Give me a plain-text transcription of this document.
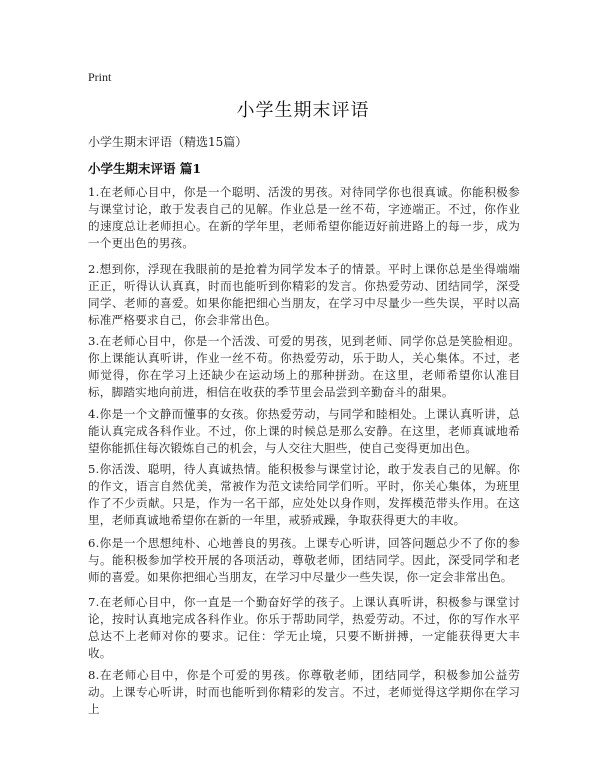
Print
小学生期末评语
小学生期末评语（精选15篇）
小学生期末评语 篇1

1.在老师心目中，你是一个聪明、活泼的男孩。对待同学你也很真诚。你能积极参与课堂讨论，敢于发表自己的见解。作业总是一丝不苟，字迹端正。不过，你作业的速度总让老师担心。在新的学年里，老师希望你能迈好前进路上的每一步，成为一个更出色的男孩。

2.想到你，浮现在我眼前的是抢着为同学发本子的情景。平时上课你总是坐得端端正正，听得认认真真，时而也能听到你精彩的发言。你热爱劳动、团结同学，深受同学、老师的喜爱。如果你能把细心当朋友，在学习中尽量少一些失误，平时以高标准严格要求自己，你会非常出色。

3.在老师心目中，你是一个活泼、可爱的男孩，见到老师、同学你总是笑脸相迎。你上课能认真听讲，作业一丝不苟。你热爱劳动，乐于助人，关心集体。不过，老师觉得，你在学习上还缺少在运动场上的那种拼劲。在这里，老师希望你认准目标，脚踏实地向前进，相信在收获的季节里会品尝到辛勤奋斗的甜果。

4.你是一个文静而懂事的女孩。你热爱劳动，与同学和睦相处。上课认真听讲，总能认真完成各科作业。不过，你上课的时候总是那么安静。在这里，老师真诚地希望你能抓住每次锻炼自己的机会，与人交往大胆些，使自己变得更加出色。

5.你活泼、聪明，待人真诚热情。能积极参与课堂讨论，敢于发表自己的见解。你的作文，语言自然优美，常被作为范文读给同学们听。平时，你关心集体，为班里作了不少贡献。只是，作为一名干部，应处处以身作则，发挥模范带头作用。在这里，老师真诚地希望你在新的一年里，戒骄戒躁，争取获得更大的丰收。

6.你是一个思想纯朴、心地善良的男孩。上课专心听讲，回答问题总少不了你的参与。能积极参加学校开展的各项活动，尊敬老师，团结同学。因此，深受同学和老师的喜爱。如果你把细心当朋友，在学习中尽量少一些失误，你一定会非常出色。

7.在老师心目中，你一直是一个勤奋好学的孩子。上课认真听讲，积极参与课堂讨论，按时认真地完成各科作业。你乐于帮助同学，热爱劳动。不过，你的写作水平总达不上老师对你的要求。记住：学无止境，只要不断拼搏，一定能获得更大丰收。

8.在老师心目中，你是个可爱的男孩。你尊敬老师，团结同学，积极参加公益劳动。上课专心听讲，时而也能听到你精彩的发言。不过，老师觉得这学期你在学习上
